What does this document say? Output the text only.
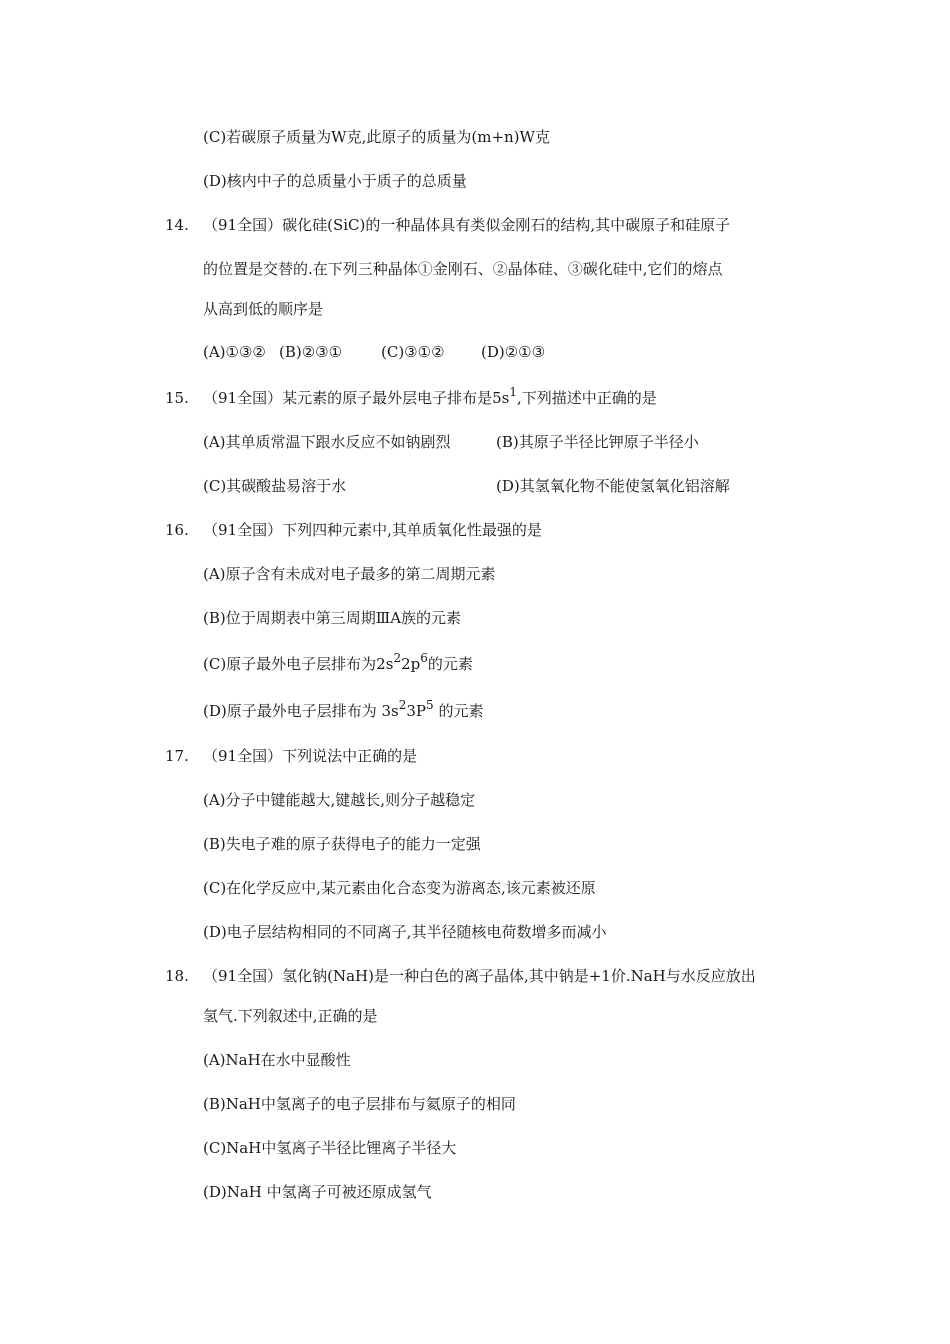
(C)若碳原子质量为W克,此原子的质量为(m+n)W克
(D)核内中子的总质量小于质子的总质量
14. （91全国）碳化硅(SiC)的一种晶体具有类似金刚石的结构,其中碳原子和硅原子
的位置是交替的.在下列三种晶体①金刚石、②晶体硅、③碳化硅中,它们的熔点
从高到低的顺序是
(A)①③② (B)②③①	(C)③①② (D)②①③
15. （91全国）某元素的原子最外层电子排布是$5s^1$,下列描述中正确的是
(A)其单质常温下跟水反应不如钠剧烈	(B)其原子半径比钾原子半径小
(C)其碳酸盐易溶于水	(D)其氢氧化物不能使氢氧化铝溶解
16. （91全国）下列四种元素中,其单质氧化性最强的是
(A)原子含有未成对电子最多的第二周期元素
(B)位于周期表中第三周期ⅢA族的元素
(C)原子最外电子层排布为$2s^22p^6$的元素
(D)原子最外电子层排布为 $3s^23P^5$ 的元素
17. （91全国）下列说法中正确的是
(A)分子中键能越大,键越长,则分子越稳定
(B)失电子难的原子获得电子的能力一定强
(C)在化学反应中,某元素由化合态变为游离态,该元素被还原
(D)电子层结构相同的不同离子,其半径随核电荷数增多而减小
18. （91全国）氢化钠(NaH)是一种白色的离子晶体,其中钠是+1价.NaH与水反应放出
氢气.下列叙述中,正确的是
(A)NaH在水中显酸性
(B)NaH中氢离子的电子层排布与氦原子的相同
(C)NaH中氢离子半径比锂离子半径大
(D)NaH 中氢离子可被还原成氢气
